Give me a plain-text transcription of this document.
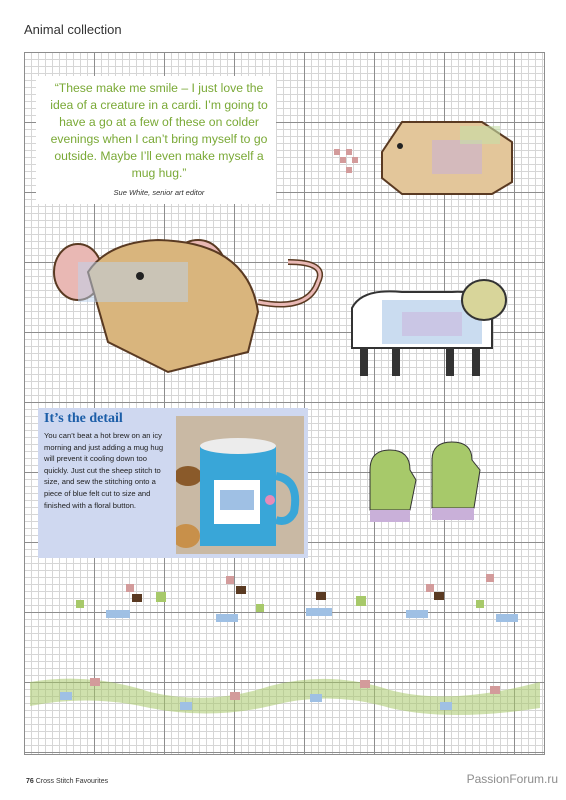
Animal collection
“These make me smile – I just love the idea of a creature in a cardi. I’m going to have a go at a few of these on colder evenings when I can’t bring myself to go outside. Maybe I’ll even make myself a mug hug.”
Sue White, senior art editor
It’s the detail
You can’t beat a hot brew on an icy morning and just adding a mug hug will prevent it cooling down too quickly. Just cut the sheep stitch to size, and sew the stitching onto a piece of blue felt cut to size and finished with a floral button.
76 Cross Stitch Favourites	PassionForum.ru
